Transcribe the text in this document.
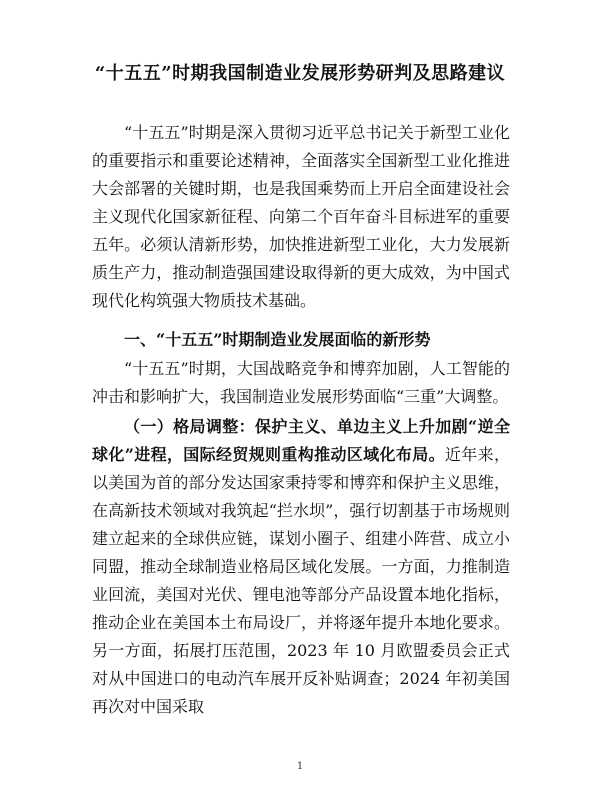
“十五五”时期我国制造业发展形势研判及思路建议

“十五五”时期是深入贯彻习近平总书记关于新型工业化的重要指示和重要论述精神，全面落实全国新型工业化推进大会部署的关键时期，也是我国乘势而上开启全面建设社会主义现代化国家新征程、向第二个百年奋斗目标进军的重要五年。必须认清新形势，加快推进新型工业化，大力发展新质生产力，推动制造强国建设取得新的更大成效，为中国式现代化构筑强大物质技术基础。

一、“十五五”时期制造业发展面临的新形势

“十五五”时期，大国战略竞争和博弈加剧，人工智能的冲击和影响扩大，我国制造业发展形势面临“三重”大调整。

（一）格局调整：保护主义、单边主义上升加剧“逆全球化”进程，国际经贸规则重构推动区域化布局。近年来，以美国为首的部分发达国家秉持零和博弈和保护主义思维，在高新技术领域对我筑起“拦水坝”，强行切割基于市场规则建立起来的全球供应链，谋划小圈子、组建小阵营、成立小同盟，推动全球制造业格局区域化发展。一方面，力推制造业回流，美国对光伏、锂电池等部分产品设置本地化指标，推动企业在美国本土布局设厂，并将逐年提升本地化要求。另一方面，拓展打压范围，2023 年 10 月欧盟委员会正式对从中国进口的电动汽车展开反补贴调查；2024 年初美国再次对中国采取

1
